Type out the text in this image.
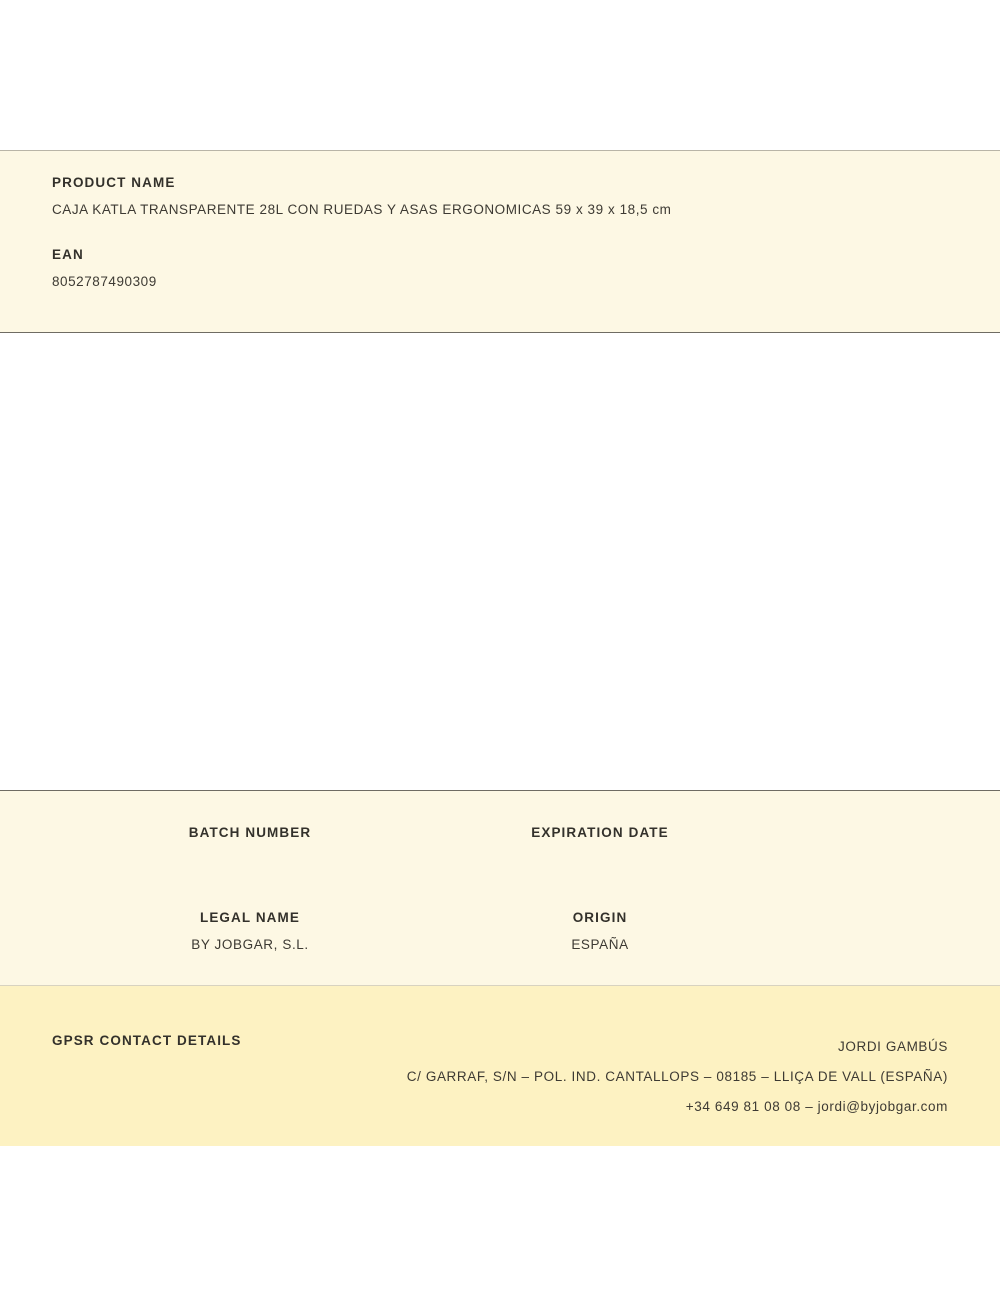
PRODUCT NAME

CAJA KATLA TRANSPARENTE 28L CON RUEDAS Y ASAS ERGONOMICAS 59 x 39 x 18,5 cm

EAN

8052787490309

BATCH NUMBER	EXPIRATION DATE

LEGAL NAME	ORIGIN

BY JOBGAR, S.L.	ESPAÑA

GPSR CONTACT DETAILS	JORDI GAMBÚS
C/ GARRAF, S/N – POL. IND. CANTALLOPS – 08185 – LLIÇA DE VALL (ESPAÑA)
+34 649 81 08 08 – jordi@byjobgar.com
